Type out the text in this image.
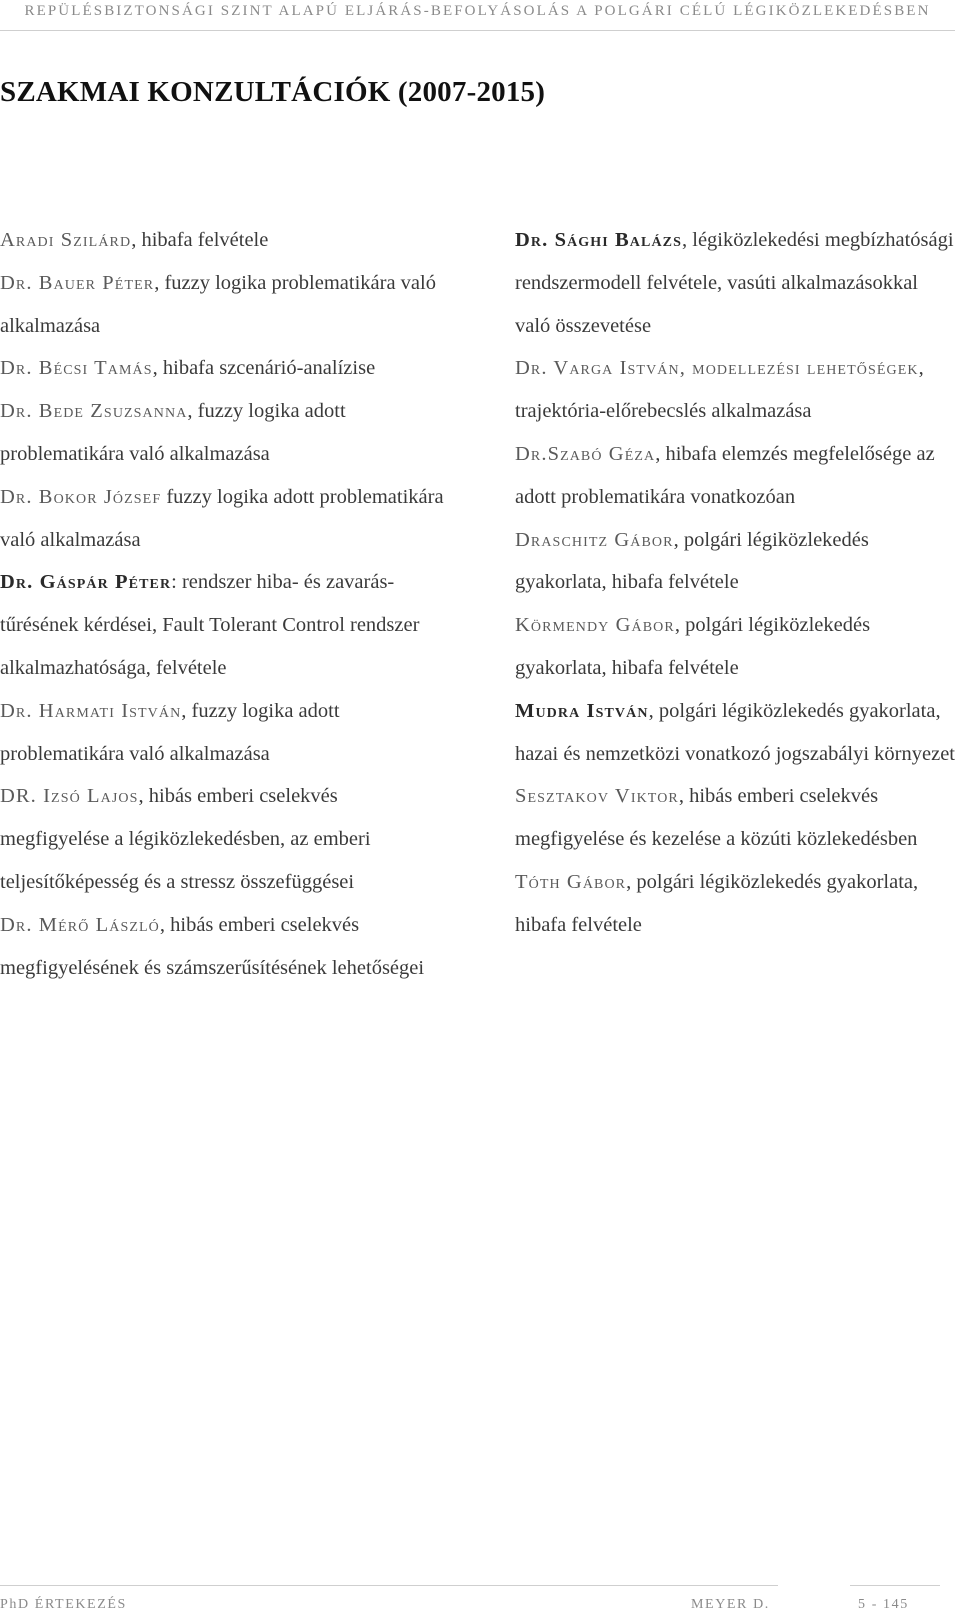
REPÜLÉSBIZTONSÁGI SZINT ALAPÚ ELJÁRÁS-BEFOLYÁSOLÁS A POLGÁRI CÉLÚ LÉGIKÖZLEKEDÉSBEN
SZAKMAI KONZULTÁCIÓK (2007-2015)

Aradi Szilárd, hibafa felvétele

Dr. Bauer Péter, fuzzy logika problematikára való alkalmazása

Dr. Bécsi Tamás, hibafa szcenárió-analízise

Dr. Bede Zsuzsanna, fuzzy logika adott problematikára való alkalmazása

Dr. Bokor József fuzzy logika adott problematikára való alkalmazása

Dr. Gáspár Péter: rendszer hiba- és zavarás-tűrésének kérdései, Fault Tolerant Control rendszer alkalmazhatósága, felvétele

Dr. Harmati István, fuzzy logika adott problematikára való alkalmazása

DR. Izsó Lajos, hibás emberi cselekvés megfigyelése a légiközlekedésben, az emberi teljesítőképesség és a stressz összefüggései

Dr. Mérő László, hibás emberi cselekvés megfigyelésének és számszerűsítésének lehetőségei

Dr. Sághi Balázs, légiközlekedési megbízhatósági rendszermodell felvétele, vasúti alkalmazásokkal való összevetése

Dr. Varga István, modellezési lehetőségek, trajektória-előrebecslés alkalmazása

Dr.Szabó Géza, hibafa elemzés megfelelősége az adott problematikára vonatkozóan

Draschitz Gábor, polgári légiközlekedés gyakorlata, hibafa felvétele

Körmendy Gábor, polgári légiközlekedés gyakorlata, hibafa felvétele

Mudra István, polgári légiközlekedés gyakorlata, hazai és nemzetközi vonatkozó jogszabályi környezet

Sesztakov Viktor, hibás emberi cselekvés megfigyelése és kezelése a közúti közlekedésben

Tóth Gábor, polgári légiközlekedés gyakorlata, hibafa felvétele

PhD ÉRTEKEZÉS	MEYER D.	5 - 145
